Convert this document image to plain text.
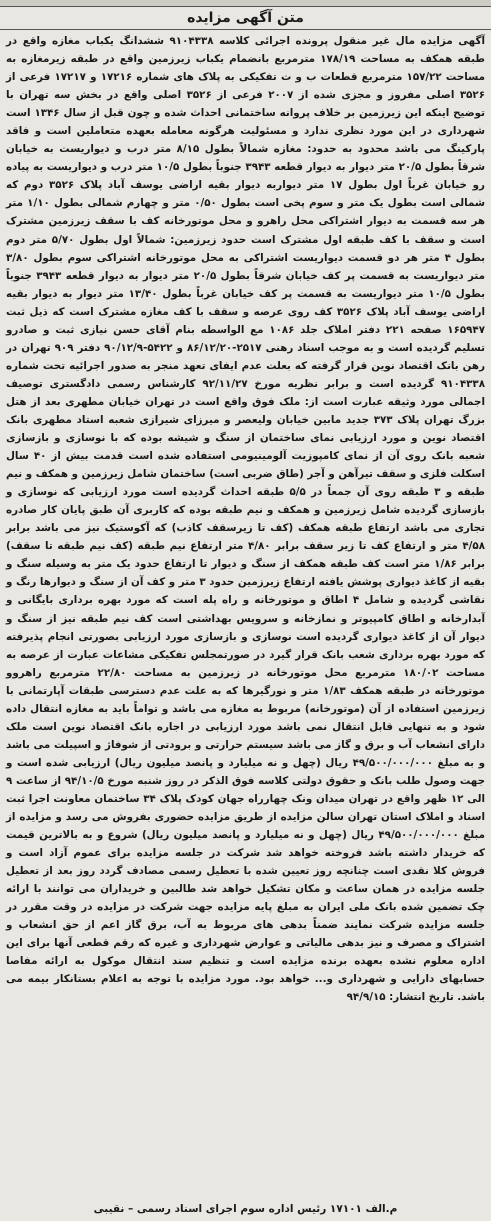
متن آگهی مزایده

آگهی مزایده مال غیر منقول پرونده اجرائی کلاسه ۹۱۰۴۳۳۸ ششدانگ یکباب مغازه واقع در طبقه همکف به مساحت ۱۷۸/۱۹ مترمربع بانضمام یکباب زیرزمین واقع در طبقه زیرمغازه به مساحت ۱۵۷/۲۲ مترمربع قطعات ب و ت تفکیکی به پلاک های شماره ۱۷۲۱۶ و ۱۷۲۱۷ فرعی از ۳۵۲۶ اصلی مفروز و مجزی شده از ۲۰۰۷ فرعی از ۳۵۲۶ اصلی واقع در بخش سه تهران با توضیح اینکه این زیرزمین بر خلاف پروانه ساختمانی احداث شده و چون قبل از سال ۱۳۴۶ است شهرداری در این مورد نظری ندارد و مسئولیت هرگونه معامله بعهده متعاملین است و فاقد پارکینگ می باشد محدود به حدود: مغازه شمالاً بطول ۸/۱۵ متر درب و دیواریست به خیابان شرقاً بطول ۲۰/۵ متر دیوار به دیوار قطعه ۳۹۴۳ جنوباً بطول ۱۰/۵ متر درب و دیواریست به پیاده رو خیابان غرباً اول بطول ۱۷ متر دیواربه دیوار بقیه اراضی یوسف آباد پلاک ۳۵۲۶ دوم که شمالی است بطول یک متر و سوم پخی است بطول ۰/۵۰ متر و چهارم شمالی بطول ۱/۱۰ متر هر سه قسمت به دیوار اشتراکی محل راهرو و محل موتورخانه کف با سقف زیرزمین مشترک است و سقف با کف طبقه اول مشترک است حدود زیرزمین: شمالاً اول بطول ۵/۷۰ متر دوم بطول ۴ متر هر دو قسمت دیواریست اشتراکی به محل موتورخانه اشتراکی سوم بطول ۳/۸۰ متر دیواریست به قسمت پر کف خیابان شرقاً بطول ۲۰/۵ متر دیوار به دیوار قطعه ۳۹۴۳ جنوباً بطول ۱۰/۵ متر دیواریست به قسمت پر کف خیابان غرباً بطول ۱۳/۴۰ متر دیوار به دیوار بقیه اراضی یوسف آباد پلاک ۳۵۲۶ کف روی عرصه و سقف با کف مغازه مشترک است که ذیل ثبت ۱۶۵۹۴۷ صفحه ۲۲۱ دفتر املاک جلد ۱۰۸۶ مع الواسطه بنام آقای حسن نیازی ثبت و صادرو تسلیم گردیده است و به موجب اسناد رهنی ۲۵۱۷-۸۶/۱۲/۲۰ و ۵۴۲۲-۹۰/۱۲/۹ دفتر ۹۰۹ تهران در رهن بانک اقتصاد نوین قرار گرفته که بعلت عدم ایفای تعهد منجر به صدور اجرائیه تحت شماره ۹۱۰۴۳۳۸ گردیده است و برابر نظریه مورخ ۹۲/۱۱/۲۷ کارشناس رسمی دادگستری توصیف اجمالی مورد وثیقه عبارت است از: ملک فوق واقع است در تهران خیابان مطهری بعد از هتل بزرگ تهران پلاک ۳۷۳ جدید مابین خیابان ولیعصر و میرزای شیرازی شعبه استاد مطهری بانک اقتصاد نوین و مورد ارزیابی نمای ساختمان از سنگ و شیشه بوده که با نوسازی و بازسازی شعبه بانک روی آن از نمای کامپوزیت آلومینیومی استفاده شده است قدمت بیش از ۴۰ سال اسکلت فلزی و سقف تیرآهن و آجر (طاق ضربی است) ساختمان شامل زیرزمین و همکف و نیم طبقه و ۳ طبقه روی آن جمعاً در ۵/۵ طبقه احداث گردیده است مورد ارزیابی که نوسازی و بازسازی گردیده شامل زیرزمین و همکف و نیم طبقه بوده که کاربری آن طبق پایان کار صادره تجاری می باشد ارتفاع طبقه همکف (کف تا زیرسقف کاذب) که آکوستیک نیز می باشد برابر ۴/۵۸ متر و ارتفاع کف تا زیر سقف برابر ۴/۸۰ متر ارتفاع نیم طبقه (کف نیم طبقه تا سقف) برابر ۱/۸۶ متر است کف طبقه همکف از سنگ و دیوار تا ارتفاع حدود یک متر به وسیله سنگ و بقیه از کاغذ دیواری پوشش یافته ارتفاع زیرزمین حدود ۳ متر و کف آن از سنگ و دیوارها رنگ و نقاشی گردیده و شامل ۴ اطاق و موتورخانه و راه پله است که مورد بهره برداری بایگانی و آبدارخانه و اطاق کامپیوتر و نمازخانه و سرویس بهداشتی است کف نیم طبقه نیز از سنگ و دیوار آن از کاغذ دیواری گردیده است نوسازی و بازسازی مورد ارزیابی بصورتی انجام پذیرفته که مورد بهره برداری شعب بانک قرار گیرد در صورتمجلس تفکیکی مشاعات عبارت از عرصه به مساحت ۱۸۰/۰۲ مترمربع محل موتورخانه در زیرزمین به مساحت ۲۲/۸۰ مترمربع راهروو موتورخانه در طبقه همکف ۱/۸۳ متر و نورگیرها که به علت عدم دسترسی طبقات آپارتمانی با زیرزمین استفاده از آن (موتورخانه) مربوط به مغازه می باشد و تواماً باید به مغازه انتقال داده شود و به تنهایی قابل انتقال نمی باشد مورد ارزیابی در اجاره بانک اقتصاد نوین است ملک دارای انشعاب آب و برق و گاز می باشد سیستم حرارتی و برودتی از شوفاژ و اسپیلت می باشد و به مبلغ ۴۹/۵۰۰/۰۰۰/۰۰۰ ریال (چهل و نه میلیارد و پانصد میلیون ریال) ارزیابی شده است و جهت وصول طلب بانک و حقوق دولتی کلاسه فوق الذکر در روز شنبه مورخ ۹۴/۱۰/۵ از ساعت ۹ الی ۱۲ ظهر واقع در تهران میدان ونک چهارراه جهان کودک پلاک ۳۴ ساختمان معاونت اجرا ثبت اسناد و املاک استان تهران سالن مزایده از طریق مزایده حضوری بفروش می رسد و مزایده از مبلغ ۴۹/۵۰۰/۰۰۰/۰۰۰ ریال (چهل و نه میلیارد و پانصد میلیون ریال) شروع و به بالاترین قیمت که خریدار داشته باشد فروخته خواهد شد شرکت در جلسه مزایده برای عموم آزاد است و فروش کلا نقدی است چنانچه روز تعیین شده با تعطیل رسمی مصادف گردد روز بعد از تعطیل جلسه مزایده در همان ساعت و مکان تشکیل خواهد شد طالبین و خریداران می توانند با ارائه چک تضمین شده بانک ملی ایران به مبلغ پایه مزایده جهت شرکت در مزایده در وقت مقرر در جلسه مزایده شرکت نمایند ضمناً بدهی های مربوط به آب، برق گاز اعم از حق انشعاب و اشتراک و مصرف و نیز بدهی مالیاتی و عوارض شهرداری و غیره که رقم قطعی آنها برای این اداره معلوم نشده بعهده برنده مزایده است و تنظیم سند انتقال موکول به ارائه مفاصا حسابهای دارایی و شهرداری و... خواهد بود. مورد مزایده با توجه به اعلام بستانکار بیمه می باشد. تاریخ انتشار: ۹۴/۹/۱۵

م.الف ۱۷۱۰۱ رئیس اداره سوم اجرای اسناد رسمی – نقیبی
